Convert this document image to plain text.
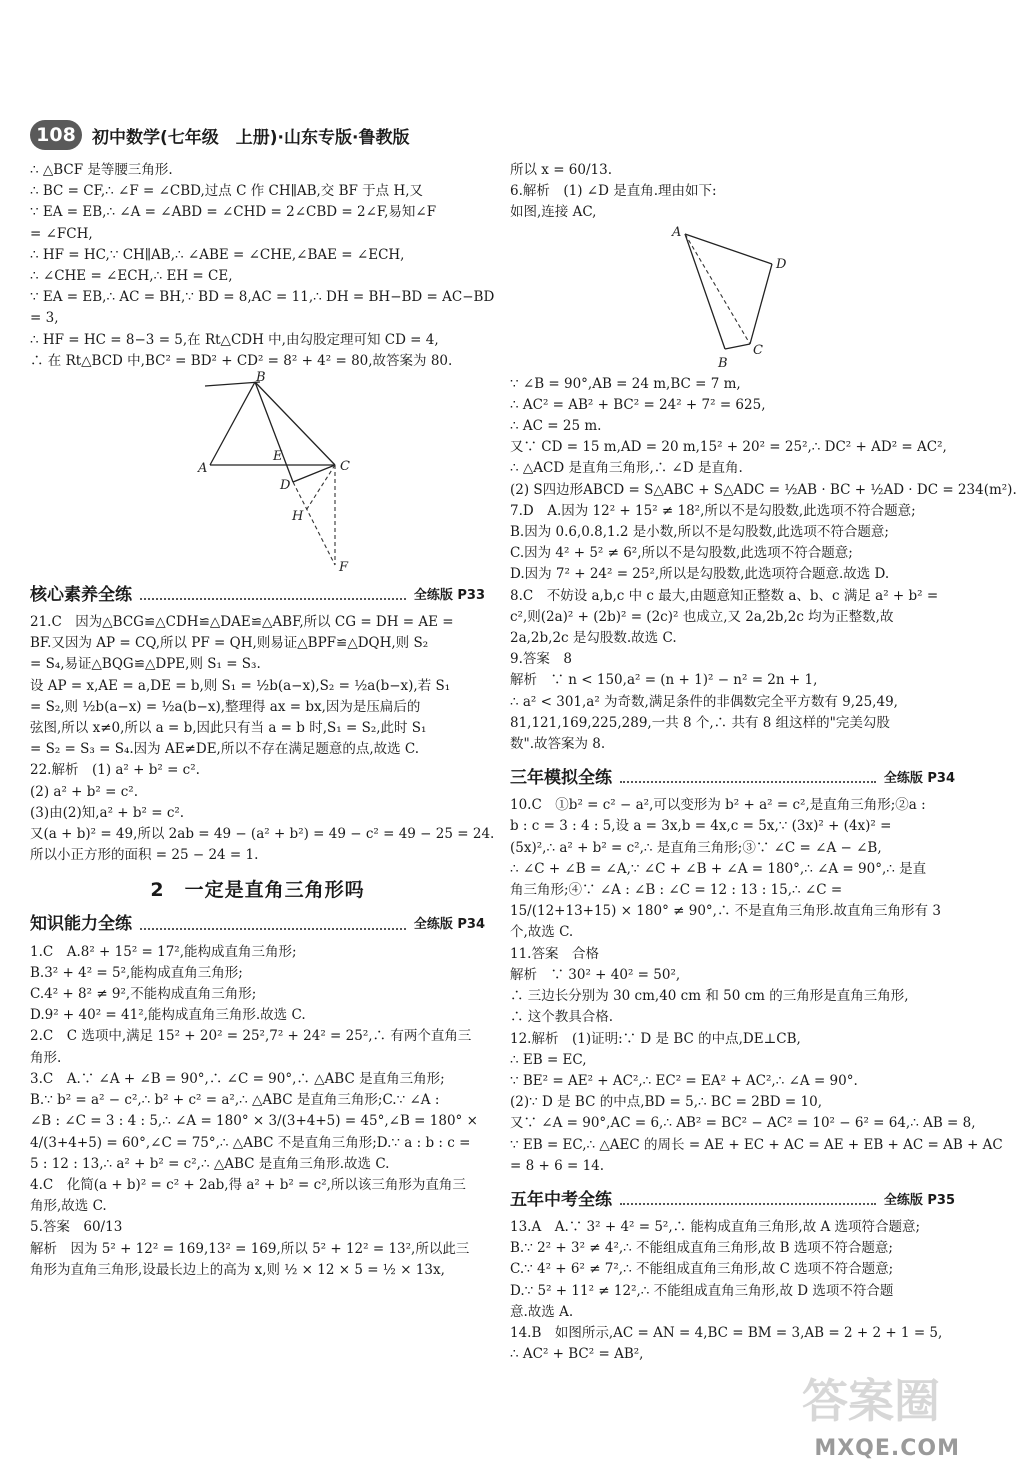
108 初中数学(七年级　上册)·山东专版·鲁教版
∴ △BCF 是等腰三角形.
∴ BC = CF,∴ ∠F = ∠CBD,过点 C 作 CH∥AB,交 BF 于点 H,又
∵ EA = EB,∴ ∠A = ∠ABD = ∠CHD = 2∠CBD = 2∠F,易知∠F
= ∠FCH,
∴ HF = HC,∵ CH∥AB,∴ ∠ABE = ∠CHE,∠BAE = ∠ECH,
∴ ∠CHE = ∠ECH,∴ EH = CE,
∵ EA = EB,∴ AC = BH,∵ BD = 8,AC = 11,∴ DH = BH−BD = AC−BD
= 3,
∴ HF = HC = 8−3 = 5,在 Rt△CDH 中,由勾股定理可知 CD = 4,
∴ 在 Rt△BCD 中,BC² = BD² + CD² = 8² + 4² = 80,故答案为 80.
B
A
E
C
D
H
F
核心素养全练	全练版 P33
21.C　因为△BCG≌△CDH≌△DAE≌△ABF,所以 CG = DH = AE =
BF.又因为 AP = CQ,所以 PF = QH,则易证△BPF≌△DQH,则 S₂
= S₄,易证△BQG≌△DPE,则 S₁ = S₃.
设 AP = x,AE = a,DE = b,则 S₁ = ½b(a−x),S₂ = ½a(b−x),若 S₁
= S₂,则 ½b(a−x) = ½a(b−x),整理得 ax = bx,因为是压扁后的
弦图,所以 x≠0,所以 a = b,因此只有当 a = b 时,S₁ = S₂,此时 S₁
= S₂ = S₃ = S₄.因为 AE≠DE,所以不存在满足题意的点,故选 C.
22.解析　(1) a² + b² = c².
(2) a² + b² = c².
(3)由(2)知,a² + b² = c².
又(a + b)² = 49,所以 2ab = 49 − (a² + b²) = 49 − c² = 49 − 25 = 24.
所以小正方形的面积 = 25 − 24 = 1.
2　一定是直角三角形吗
知识能力全练	全练版 P34
1.C　A.8² + 15² = 17²,能构成直角三角形;
B.3² + 4² = 5²,能构成直角三角形;
C.4² + 8² ≠ 9²,不能构成直角三角形;
D.9² + 40² = 41²,能构成直角三角形.故选 C.
2.C　C 选项中,满足 15² + 20² = 25²,7² + 24² = 25²,∴ 有两个直角三
角形.
3.C　A.∵ ∠A + ∠B = 90°,∴ ∠C = 90°,∴ △ABC 是直角三角形;
B.∵ b² = a² − c²,∴ b² + c² = a²,∴ △ABC 是直角三角形;C.∵ ∠A :
∠B : ∠C = 3 : 4 : 5,∴ ∠A = 180° × 3/(3+4+5) = 45°,∠B = 180° ×
4/(3+4+5) = 60°,∠C = 75°,∴ △ABC 不是直角三角形;D.∵ a : b : c =
5 : 12 : 13,∴ a² + b² = c²,∴ △ABC 是直角三角形.故选 C.
4.C　化简(a + b)² = c² + 2ab,得 a² + b² = c²,所以该三角形为直角三
角形,故选 C.
5.答案　60/13
解析　因为 5² + 12² = 169,13² = 169,所以 5² + 12² = 13²,所以此三
角形为直角三角形,设最长边上的高为 x,则 ½ × 12 × 5 = ½ × 13x,
所以 x = 60/13.
6.解析　(1) ∠D 是直角.理由如下:
如图,连接 AC,
A
D
B
C
∵ ∠B = 90°,AB = 24 m,BC = 7 m,
∴ AC² = AB² + BC² = 24² + 7² = 625,
∴ AC = 25 m.
又∵ CD = 15 m,AD = 20 m,15² + 20² = 25²,∴ DC² + AD² = AC²,
∴ △ACD 是直角三角形,∴ ∠D 是直角.
(2) S四边形ABCD = S△ABC + S△ADC = ½AB · BC + ½AD · DC = 234(m²).
7.D　A.因为 12² + 15² ≠ 18²,所以不是勾股数,此选项不符合题意;
B.因为 0.6,0.8,1.2 是小数,所以不是勾股数,此选项不符合题意;
C.因为 4² + 5² ≠ 6²,所以不是勾股数,此选项不符合题意;
D.因为 7² + 24² = 25²,所以是勾股数,此选项符合题意.故选 D.
8.C　不妨设 a,b,c 中 c 最大,由题意知正整数 a、b、c 满足 a² + b² =
c²,则(2a)² + (2b)² = (2c)² 也成立,又 2a,2b,2c 均为正整数,故
2a,2b,2c 是勾股数.故选 C.
9.答案　8
解析　∵ n < 150,a² = (n + 1)² − n² = 2n + 1,
∴ a² < 301,a² 为奇数,满足条件的非偶数完全平方数有 9,25,49,
81,121,169,225,289,一共 8 个,∴ 共有 8 组这样的"完美勾股
数".故答案为 8.
三年模拟全练	全练版 P34
10.C　①b² = c² − a²,可以变形为 b² + a² = c²,是直角三角形;②a :
b : c = 3 : 4 : 5,设 a = 3x,b = 4x,c = 5x,∵ (3x)² + (4x)² =
(5x)²,∴ a² + b² = c²,∴ 是直角三角形;③∵ ∠C = ∠A − ∠B,
∴ ∠C + ∠B = ∠A,∵ ∠C + ∠B + ∠A = 180°,∴ ∠A = 90°,∴ 是直
角三角形;④∵ ∠A : ∠B : ∠C = 12 : 13 : 15,∴ ∠C =
15/(12+13+15) × 180° ≠ 90°,∴ 不是直角三角形.故直角三角形有 3
个,故选 C.
11.答案　合格
解析　∵ 30² + 40² = 50²,
∴ 三边长分别为 30 cm,40 cm 和 50 cm 的三角形是直角三角形,
∴ 这个教具合格.
12.解析　(1)证明:∵ D 是 BC 的中点,DE⊥CB,
∴ EB = EC,
∵ BE² = AE² + AC²,∴ EC² = EA² + AC²,∴ ∠A = 90°.
(2)∵ D 是 BC 的中点,BD = 5,∴ BC = 2BD = 10,
又∵ ∠A = 90°,AC = 6,∴ AB² = BC² − AC² = 10² − 6² = 64,∴ AB = 8,
∵ EB = EC,∴ △AEC 的周长 = AE + EC + AC = AE + EB + AC = AB + AC
= 8 + 6 = 14.
五年中考全练	全练版 P35
13.A　A.∵ 3² + 4² = 5²,∴ 能构成直角三角形,故 A 选项符合题意;
B.∵ 2² + 3² ≠ 4²,∴ 不能组成直角三角形,故 B 选项不符合题意;
C.∵ 4² + 6² ≠ 7²,∴ 不能组成直角三角形,故 C 选项不符合题意;
D.∵ 5² + 11² ≠ 12²,∴ 不能组成直角三角形,故 D 选项不符合题
意.故选 A.
14.B　如图所示,AC = AN = 4,BC = BM = 3,AB = 2 + 2 + 1 = 5,
∴ AC² + BC² = AB²,
答案圈
MXQE.COM
